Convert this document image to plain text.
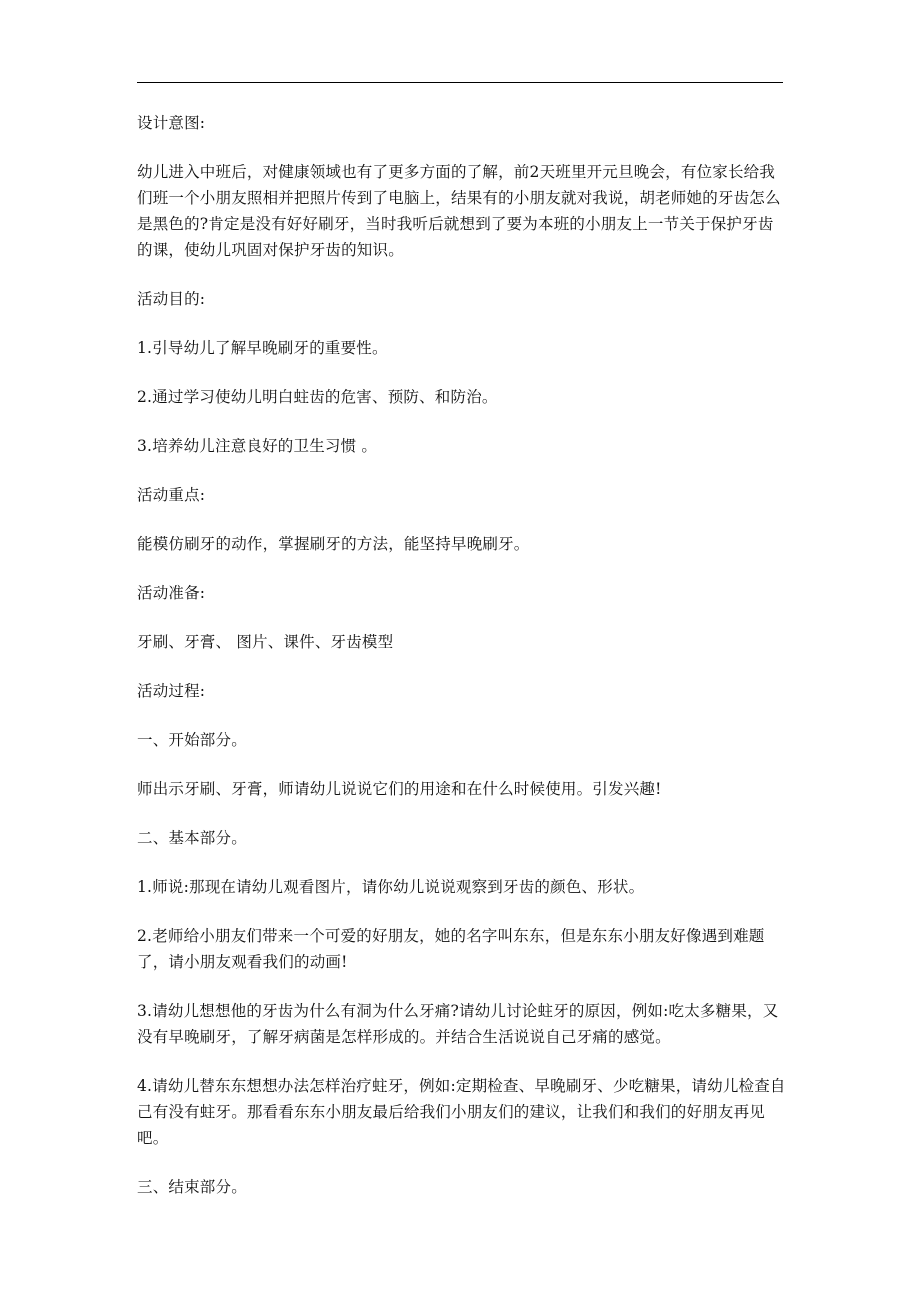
设计意图:

幼儿进入中班后，对健康领域也有了更多方面的了解，前2天班里开元旦晚会，有位家长给我们班一个小朋友照相并把照片传到了电脑上，结果有的小朋友就对我说，胡老师她的牙齿怎么是黑色的?肯定是没有好好刷牙，当时我听后就想到了要为本班的小朋友上一节关于保护牙齿的课，使幼儿巩固对保护牙齿的知识。

活动目的:

1.引导幼儿了解早晚刷牙的重要性。

2.通过学习使幼儿明白蛀齿的危害、预防、和防治。

3.培养幼儿注意良好的卫生习惯 。

活动重点:

能模仿刷牙的动作，掌握刷牙的方法，能坚持早晚刷牙。

活动准备:

牙刷、牙膏、 图片、课件、牙齿模型

活动过程:

一、开始部分。

师出示牙刷、牙膏，师请幼儿说说它们的用途和在什么时候使用。引发兴趣!

二、基本部分。

1.师说:那现在请幼儿观看图片，请你幼儿说说观察到牙齿的颜色、形状。

2.老师给小朋友们带来一个可爱的好朋友，她的名字叫东东，但是东东小朋友好像遇到难题了，请小朋友观看我们的动画!

3.请幼儿想想他的牙齿为什么有洞为什么牙痛?请幼儿讨论蛀牙的原因，例如:吃太多糖果，又没有早晚刷牙，了解牙病菌是怎样形成的。并结合生活说说自己牙痛的感觉。

4.请幼儿替东东想想办法怎样治疗蛀牙，例如:定期检查、早晚刷牙、少吃糖果，请幼儿检查自己有没有蛀牙。那看看东东小朋友最后给我们小朋友们的建议，让我们和我们的好朋友再见吧。

三、结束部分。
